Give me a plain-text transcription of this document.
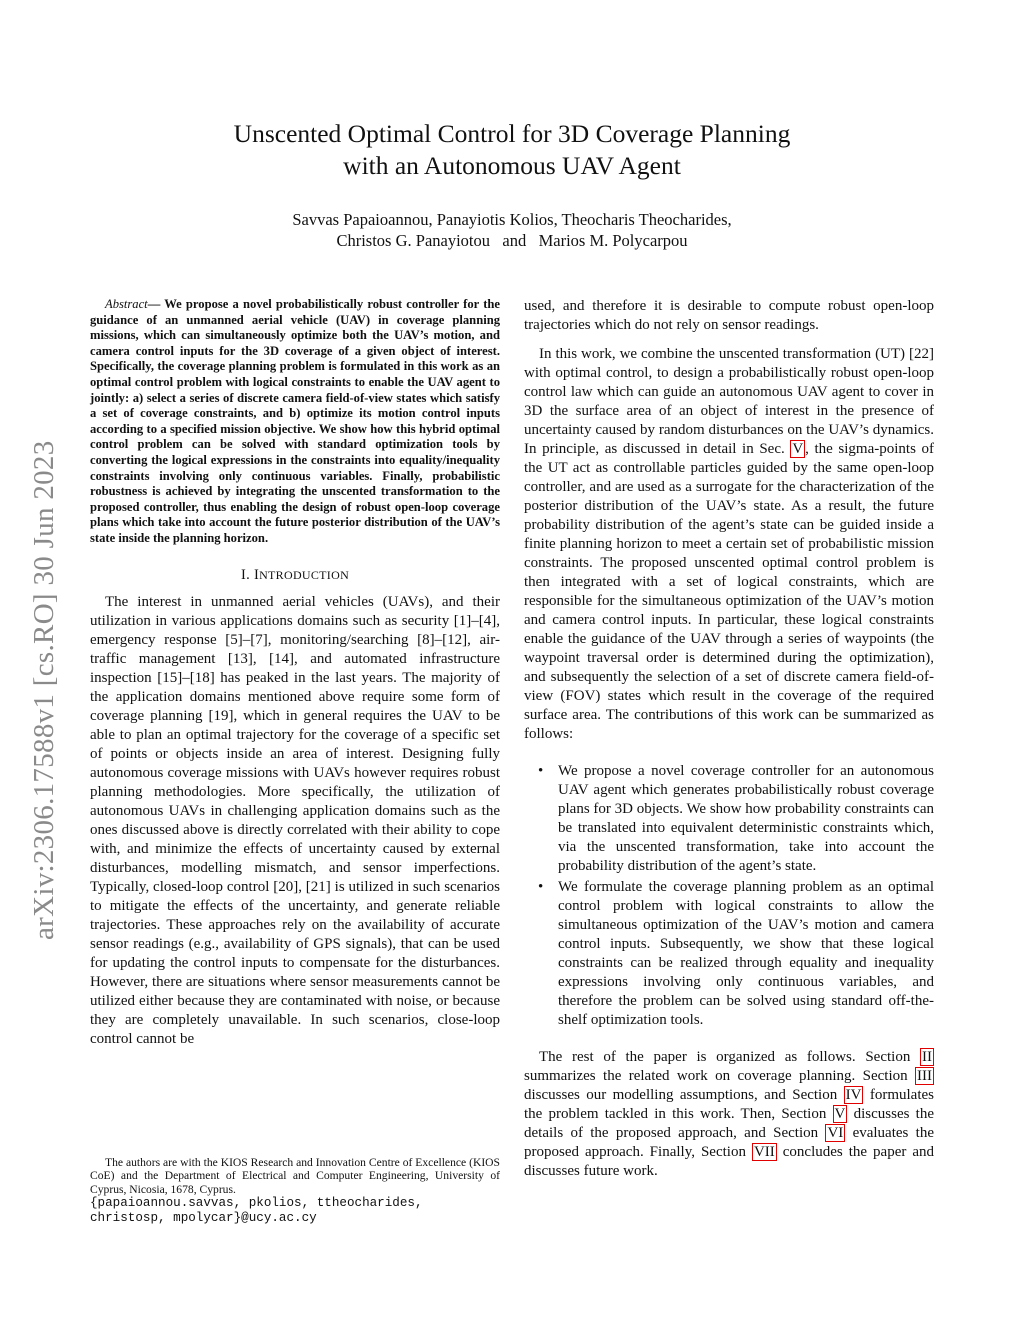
arXiv:2306.17588v1 [cs.RO] 30 Jun 2023
Unscented Optimal Control for 3D Coverage Planning
with an Autonomous UAV Agent
Savvas Papaioannou, Panayiotis Kolios, Theocharis Theocharides,
Christos G. Panayiotou   and   Marios M. Polycarpou

Abstract— We propose a novel probabilistically robust controller for the guidance of an unmanned aerial vehicle (UAV) in coverage planning missions, which can simultaneously optimize both the UAV’s motion, and camera control inputs for the 3D coverage of a given object of interest. Specifically, the coverage planning problem is formulated in this work as an optimal control problem with logical constraints to enable the UAV agent to jointly: a) select a series of discrete camera field-of-view states which satisfy a set of coverage constraints, and b) optimize its motion control inputs according to a specified mission objective. We show how this hybrid optimal control problem can be solved with standard optimization tools by converting the logical expressions in the constraints into equality/inequality constraints involving only continuous variables. Finally, probabilistic robustness is achieved by integrating the unscented transformation to the proposed controller, thus enabling the design of robust open-loop coverage plans which take into account the future posterior distribution of the UAV’s state inside the planning horizon.

I. INTRODUCTION

The interest in unmanned aerial vehicles (UAVs), and their utilization in various applications domains such as security [1]–[4], emergency response [5]–[7], monitoring/searching [8]–[12], air-traffic management [13], [14], and automated infrastructure inspection [15]–[18] has peaked in the last years. The majority of the application domains mentioned above require some form of coverage planning [19], which in general requires the UAV to be able to plan an optimal trajectory for the coverage of a specific set of points or objects inside an area of interest. Designing fully autonomous coverage missions with UAVs however requires robust planning methodologies. More specifically, the utilization of autonomous UAVs in challenging application domains such as the ones discussed above is directly correlated with their ability to cope with, and minimize the effects of uncertainty caused by external disturbances, modelling mismatch, and sensor imperfections. Typically, closed-loop control [20], [21] is utilized in such scenarios to mitigate the effects of the uncertainty, and generate reliable trajectories. These approaches rely on the availability of accurate sensor readings (e.g., availability of GPS signals), that can be used for updating the control inputs to compensate for the disturbances. However, there are situations where sensor measurements cannot be utilized either because they are contaminated with noise, or because they are completely unavailable. In such scenarios, close-loop control cannot be

used, and therefore it is desirable to compute robust open-loop trajectories which do not rely on sensor readings.

In this work, we combine the unscented transformation (UT) [22] with optimal control, to design a probabilistically robust open-loop control law which can guide an autonomous UAV agent to cover in 3D the surface area of an object of interest in the presence of uncertainty caused by random disturbances on the UAV’s dynamics. In principle, as discussed in detail in Sec. V , the sigma-points of the UT act as controllable particles guided by the same open-loop controller, and are used as a surrogate for the characterization of the posterior distribution of the UAV’s state. As a result, the future probability distribution of the agent’s state can be guided inside a finite planning horizon to meet a certain set of probabilistic mission constraints. The proposed unscented optimal control problem is then integrated with a set of logical constraints, which are responsible for the simultaneous optimization of the UAV’s motion and camera control inputs. In particular, these logical constraints enable the guidance of the UAV through a series of waypoints (the waypoint traversal order is determined during the optimization), and subsequently the selection of a set of discrete camera field-of-view (FOV) states which result in the coverage of the required surface area. The contributions of this work can be summarized as follows:

• We propose a novel coverage controller for an autonomous UAV agent which generates probabilistically robust coverage plans for 3D objects. We show how probability constraints can be translated into equivalent deterministic constraints which, via the unscented transformation, take into account the probability distribution of the agent’s state.
• We formulate the coverage planning problem as an optimal control problem with logical constraints to allow the simultaneous optimization of the UAV’s motion and camera control inputs. Subsequently, we show that these logical constraints can be realized through equality and inequality expressions involving only continuous variables, and therefore the problem can be solved using standard off-the-shelf optimization tools.

The rest of the paper is organized as follows. Section II summarizes the related work on coverage planning. Section III discusses our modelling assumptions, and Section IV formulates the problem tackled in this work. Then, Section V discusses the details of the proposed approach, and Section VI evaluates the proposed approach. Finally, Section VII concludes the paper and discusses future work.

The authors are with the KIOS Research and Innovation Centre of Excellence (KIOS CoE) and the Department of Electrical and Computer Engineering, University of Cyprus, Nicosia, 1678, Cyprus.
{papaioannou.savvas, pkolios, ttheocharides,
christosp, mpolycar}@ucy.ac.cy
